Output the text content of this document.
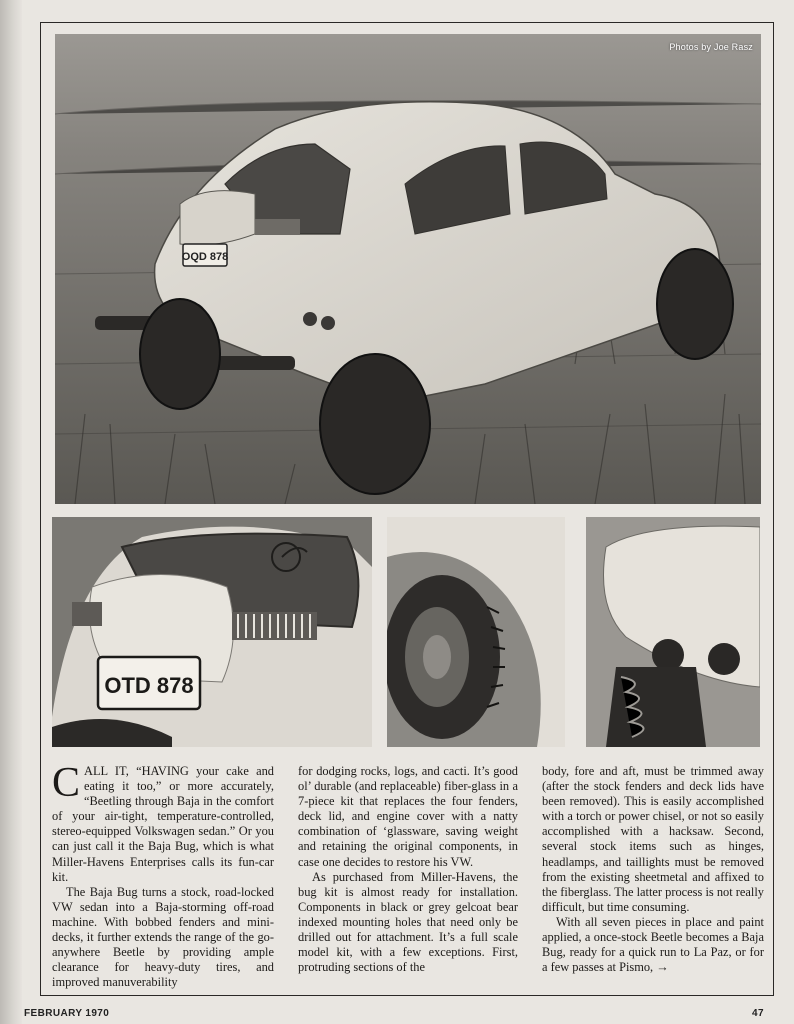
OQD 878
Photos by Joe Rasz
OTD 878

CALL IT, “HAVING your cake and eating it too,” or more accurately, “Beetling through Baja in the comfort of your air-tight, temperature-controlled, stereo-equipped Volkswagen sedan.” Or you can just call it the Baja Bug, which is what Miller-Havens Enterprises calls its fun-car kit.

The Baja Bug turns a stock, road-locked VW sedan into a Baja-storming off-road machine. With bobbed fenders and mini-decks, it further extends the range of the go-anywhere Beetle by providing ample clearance for heavy-duty tires, and improved manuverability

for dodging rocks, logs, and cacti. It’s good ol’ durable (and replaceable) fiber-glass in a 7-piece kit that replaces the four fenders, deck lid, and engine cover with a natty combination of ‘glassware, saving weight and retaining the original components, in case one decides to restore his VW.

As purchased from Miller-Havens, the bug kit is almost ready for installation. Components in black or grey gelcoat bear indexed mounting holes that need only be drilled out for attachment. It’s a full scale model kit, with a few exceptions. First, protruding sections of the

body, fore and aft, must be trimmed away (after the stock fenders and deck lids have been removed). This is easily accomplished with a torch or power chisel, or not so easily accomplished with a hacksaw. Second, several stock items such as hinges, headlamps, and taillights must be removed from the existing sheetmetal and affixed to the fiberglass. The latter process is not really difficult, but time consuming.

With all seven pieces in place and paint applied, a once-stock Beetle becomes a Baja Bug, ready for a quick run to La Paz, or for a few passes at Pismo, →

FEBRUARY 1970	47
